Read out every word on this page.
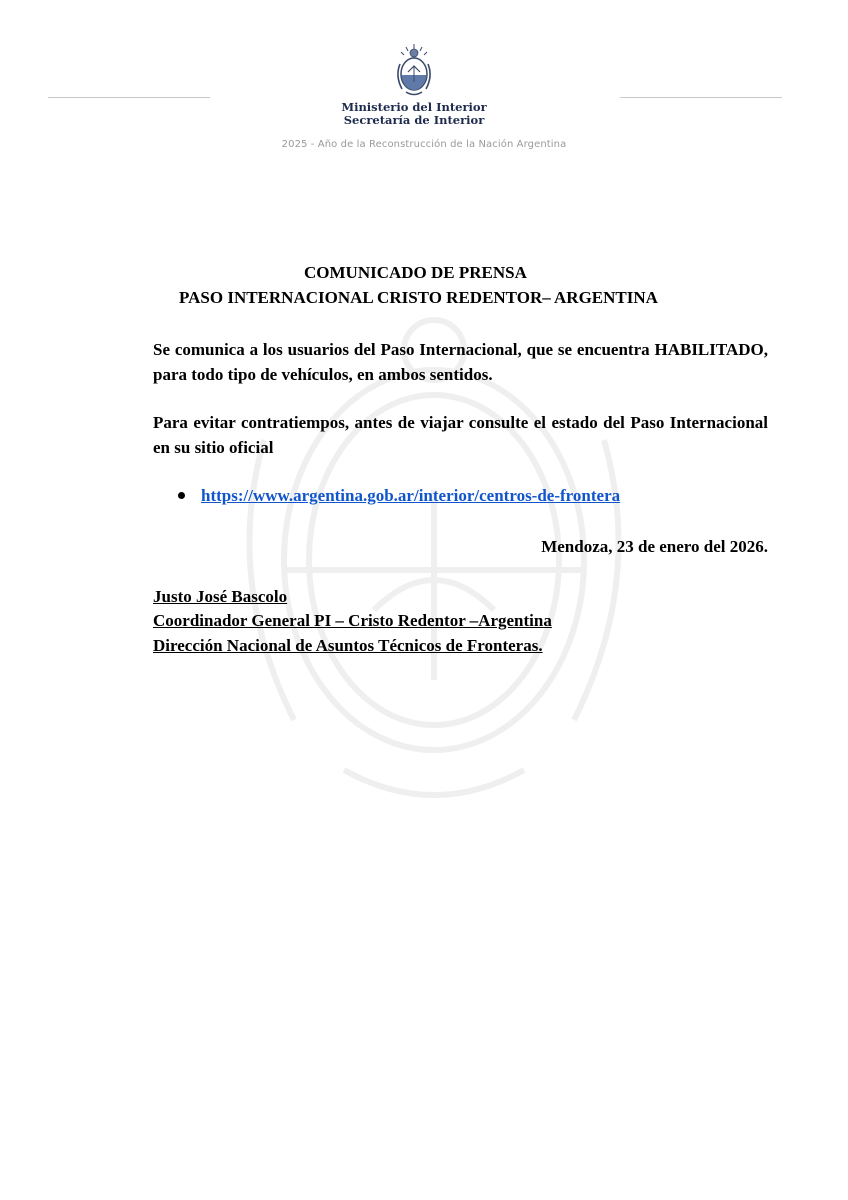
Ministerio del Interior
Secretaría de Interior
2025 - Año de la Reconstrucción de la Nación Argentina
COMUNICADO DE PRENSA
PASO INTERNACIONAL CRISTO REDENTOR– ARGENTINA
Se comunica a los usuarios del Paso Internacional, que se encuentra HABILITADO, para todo tipo de vehículos, en ambos sentidos.
Para evitar contratiempos, antes de viajar consulte el estado del Paso Internacional en su sitio oficial
https://www.argentina.gob.ar/interior/centros-de-frontera
Mendoza, 23 de enero del 2026.
Justo José Bascolo
Coordinador General PI – Cristo Redentor –Argentina
Dirección Nacional de Asuntos Técnicos de Fronteras.
